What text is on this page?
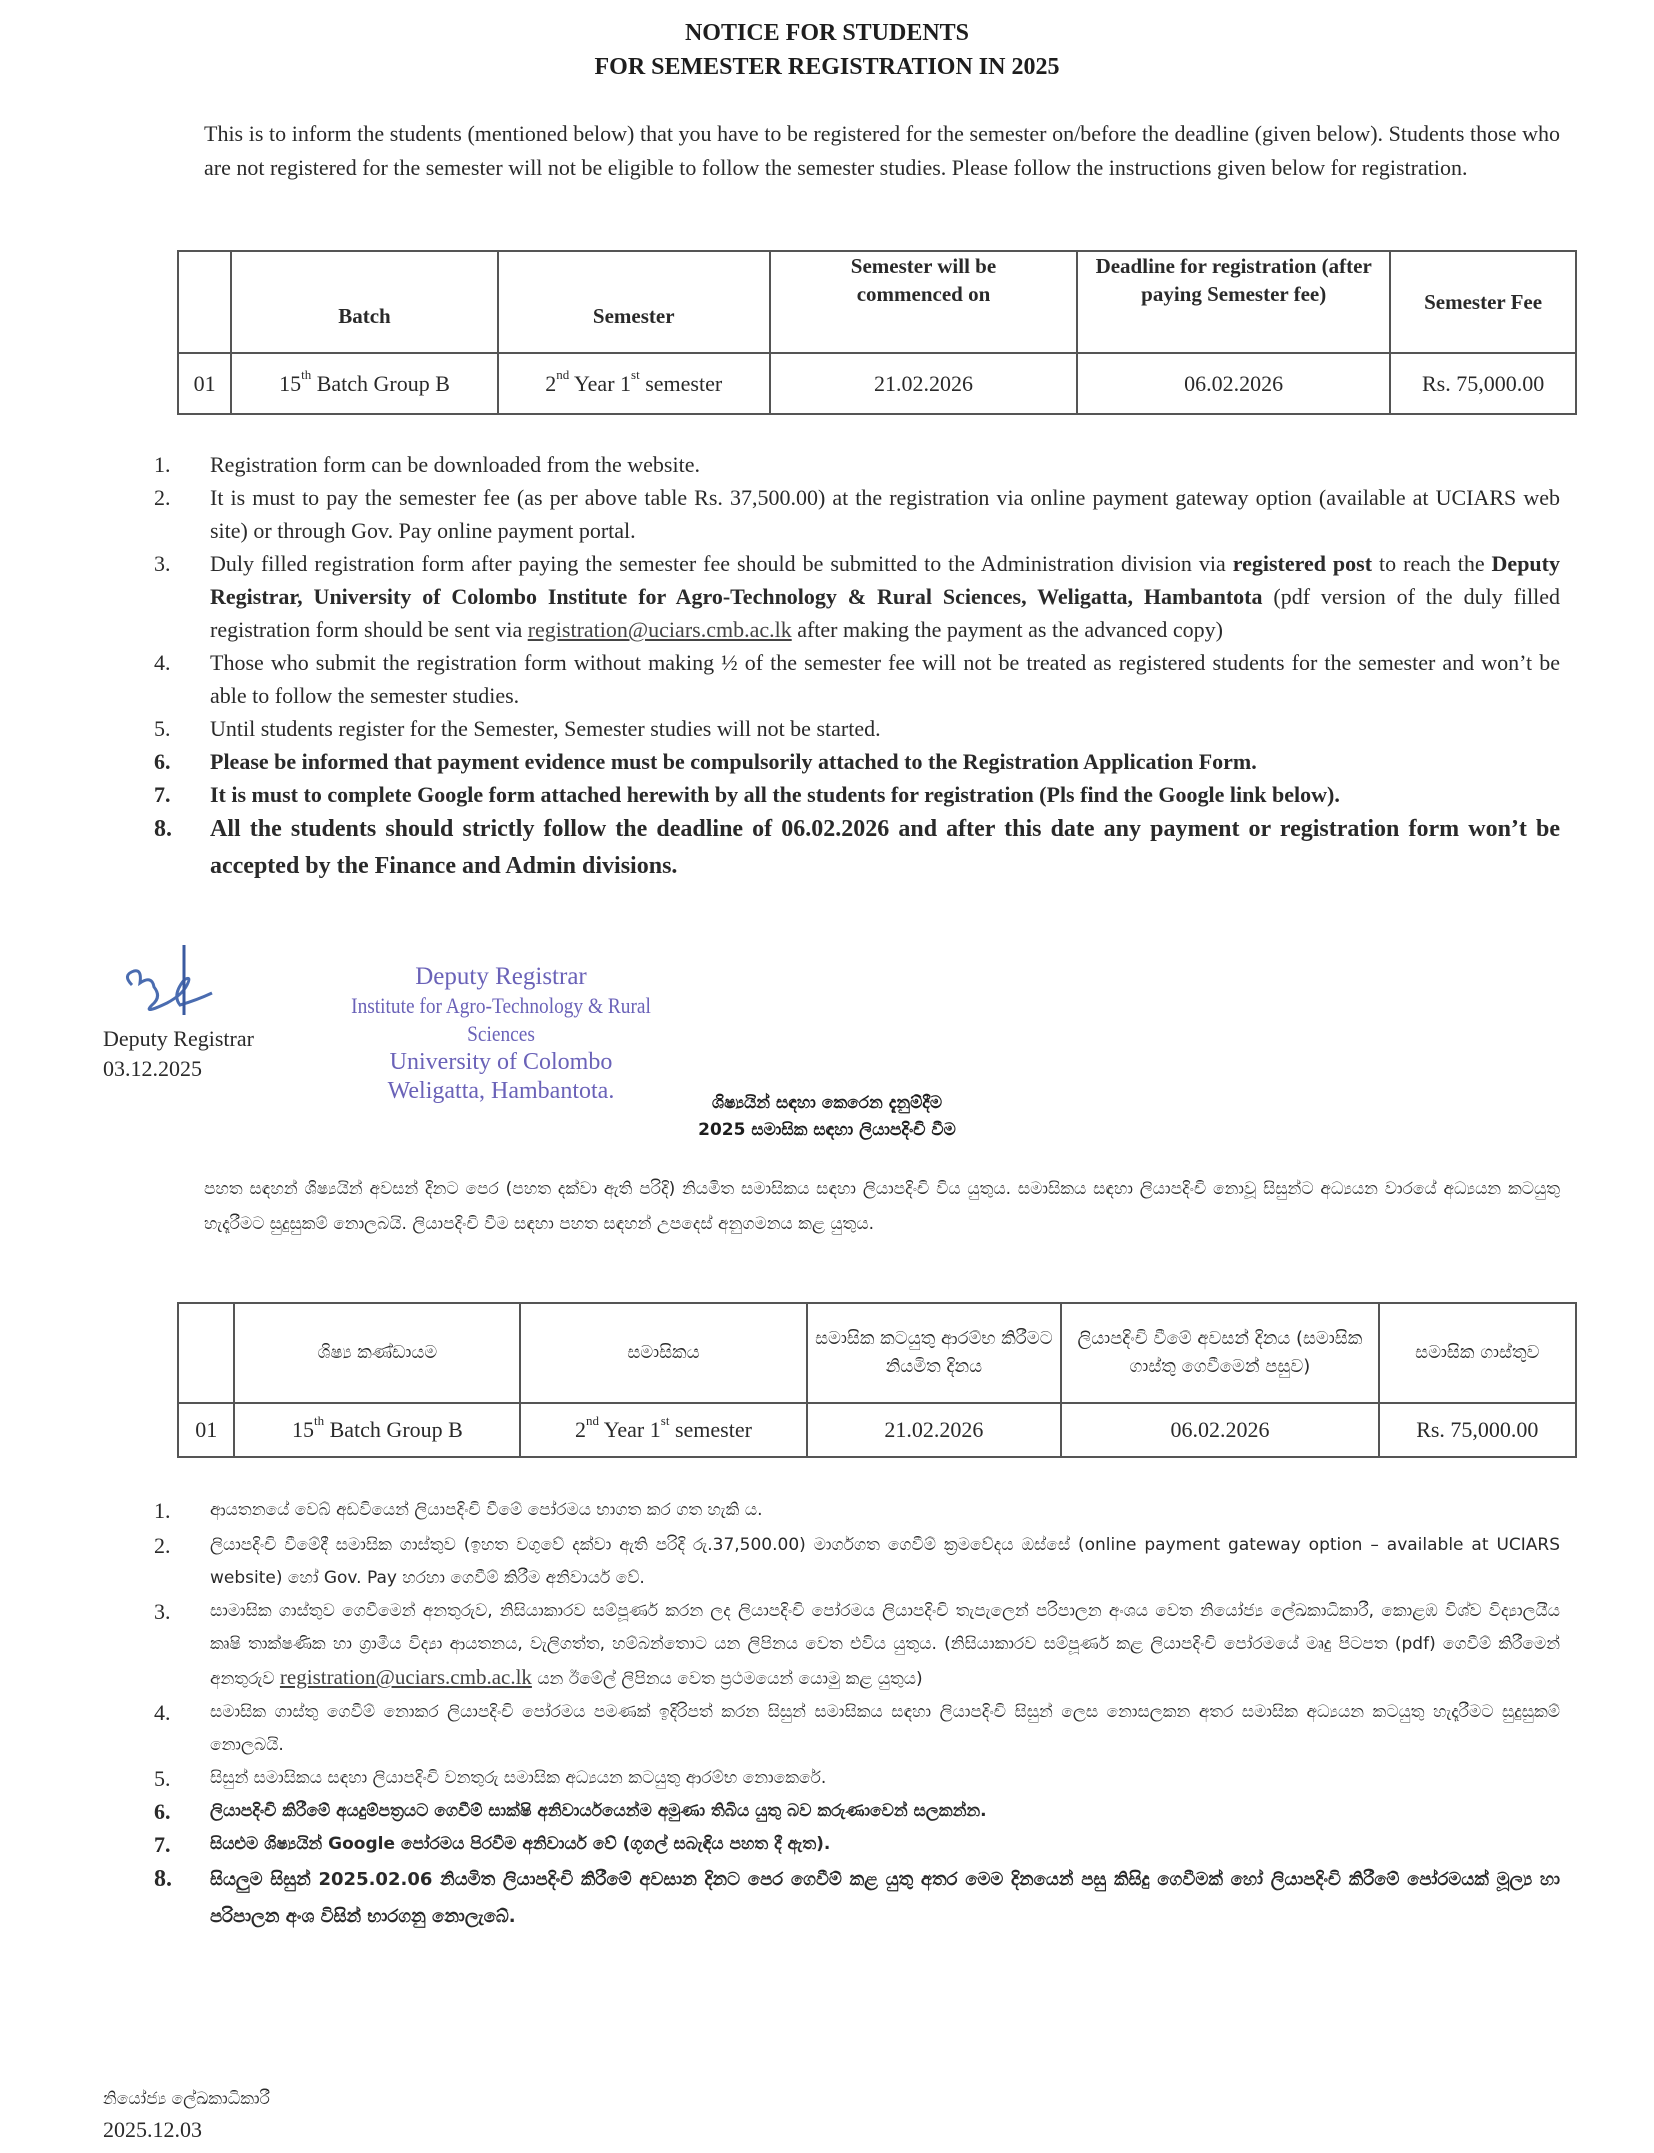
NOTICE FOR STUDENTS
FOR SEMESTER REGISTRATION IN 2025
This is to inform the students (mentioned below) that you have to be registered for the semester on/before the deadline (given below). Students those who are not registered for the semester will not be eligible to follow the semester studies. Please follow the instructions given below for registration.
	Batch	Semester	Semester will be commenced on	Deadline for registration (after paying Semester fee)	Semester Fee
01	15th Batch Group B	2nd Year 1st semester	21.02.2026	06.02.2026	Rs. 75,000.00
1. Registration form can be downloaded from the website.
2. It is must to pay the semester fee (as per above table Rs. 37,500.00) at the registration via online payment gateway option (available at UCIARS web site) or through Gov. Pay online payment portal.
3. Duly filled registration form after paying the semester fee should be submitted to the Administration division via registered post to reach the Deputy Registrar, University of Colombo Institute for Agro-Technology & Rural Sciences, Weligatta, Hambantota (pdf version of the duly filled registration form should be sent via registration@uciars.cmb.ac.lk after making the payment as the advanced copy)
4. Those who submit the registration form without making ½ of the semester fee will not be treated as registered students for the semester and won’t be able to follow the semester studies.
5. Until students register for the Semester, Semester studies will not be started.
6. Please be informed that payment evidence must be compulsorily attached to the Registration Application Form.
7. It is must to complete Google form attached herewith by all the students for registration (Pls find the Google link below).
8. All the students should strictly follow the deadline of 06.02.2026 and after this date any payment or registration form won’t be accepted by the Finance and Admin divisions.
Deputy Registrar
03.12.2025
Deputy Registrar
Institute for Agro-Technology & Rural Sciences
University of Colombo
Weligatta, Hambantota.	ශිෂ්‍යයින් සඳහා කෙරෙන දැනුම්දීම
2025 සමාසික සඳහා ලියාපදිංචි වීම
පහත සඳහන් ශිෂ්‍යයින් අවසන් දිනට පෙර (පහත දක්වා ඇති පරිදි) නියමිත සමාසිකය සඳහා ලියාපදිංචි විය යුතුය. සමාසිකය සඳහා ලියාපදිංචි නොවූ සිසුන්ට අධ්‍යයන වාරයේ අධ්‍යයන කටයුතු හැදෑරීමට සුදුසුකම් නොලබයි. ලියාපදිංචි වීම සඳහා පහත සඳහන් උපදෙස් අනුගමනය කළ යුතුය.
	ශිෂ්‍ය කණ්ඩායම	සමාසිකය	සමාසික කටයුතු ආරම්භ කිරීමට නියමිත දිනය	ලියාපදිංචි වීමේ අවසන් දිනය (සමාසික ගාස්තු ගෙවීමෙන් පසුව)	සමාසික ගාස්තුව
01	15th Batch Group B	2nd Year 1st semester	21.02.2026	06.02.2026	Rs. 75,000.00
1. ආයතනයේ වෙබ් අඩවියෙන් ලියාපදිංචි වීමේ පෝරමය භාගත කර ගත හැකි ය.
2. ලියාපදිංචි වීමේදී සමාසික ගාස්තුව (ඉහත වගුවේ දක්වා ඇති පරිදි රු.37,500.00) මාර්ගගත ගෙවීම් ක්‍රමවේදය ඔස්සේ (online payment gateway option – available at UCIARS website) හෝ Gov. Pay හරහා ගෙවීම් කිරීම අනිවාර්ය වේ.
3. සාමාසික ගාස්තුව ගෙවීමෙන් අනතුරුව, නිසියාකාරව සම්පූර්ණ කරන ලද ලියාපදිංචි පෝරමය ලියාපදිංචි තැපැලෙන් පරිපාලන අංශය වෙත නියෝජ්‍ය ලේඛකාධිකාරී, කොළඹ විශ්ව විද්‍යාලයීය කෘෂි තාක්ෂණික හා ග්‍රාමීය විද්‍යා ආයතනය, වැලිගත්ත, හම්බන්තොට යන ලිපිනය වෙත එවිය යුතුය. (නිසියාකාරව සම්පූර්ණ කළ ලියාපදිංචි පෝරමයේ මෘදු පිටපත (pdf) ගෙවීම් කිරීමෙන් අනතුරුව registration@uciars.cmb.ac.lk යන ඊමේල් ලිපිනය වෙත ප්‍රථමයෙන් යොමු කළ යුතුය)
4. සමාසික ගාස්තු ගෙවීම් නොකර ලියාපදිංචි පෝරමය පමණක් ඉදිරිපත් කරන සිසුන් සමාසිකය සඳහා ලියාපදිංචි සිසුන් ලෙස නොසලකන අතර සමාසික අධ්‍යයන කටයුතු හැදෑරීමට සුදුසුකම් නොලබයි.
5. සිසුන් සමාසිකය සඳහා ලියාපදිංචි වනතුරු සමාසික අධ්‍යයන කටයුතු ආරම්භ නොකෙරේ.
6. ලියාපදිංචි කිරීමේ අයදුම්පත්‍රයට ගෙවීම් සාක්ෂි අනිවාර්යයෙන්ම අමුණා තිබිය යුතු බව කරුණාවෙන් සලකන්න.
7. සියළුම ශිෂ්‍යයින් Google පෝරමය පිරවීම අනිවාර්ය වේ (ගූගල් සබැඳිය පහත දී ඇත).
8. සියලුම සිසුන් 2025.02.06 නියමිත ලියාපදිංචි කිරීමේ අවසාන දිනට පෙර ගෙවීම් කළ යුතු අතර මෙම දිනයෙන් පසු කිසිදු ගෙවීමක් හෝ ලියාපදිංචි කිරීමේ පෝරමයක් මූල්‍ය හා පරිපාලන අංශ විසින් භාරගනු නොලැබේ.
නියෝජ්‍ය ලේඛකාධිකාරී
2025.12.03
